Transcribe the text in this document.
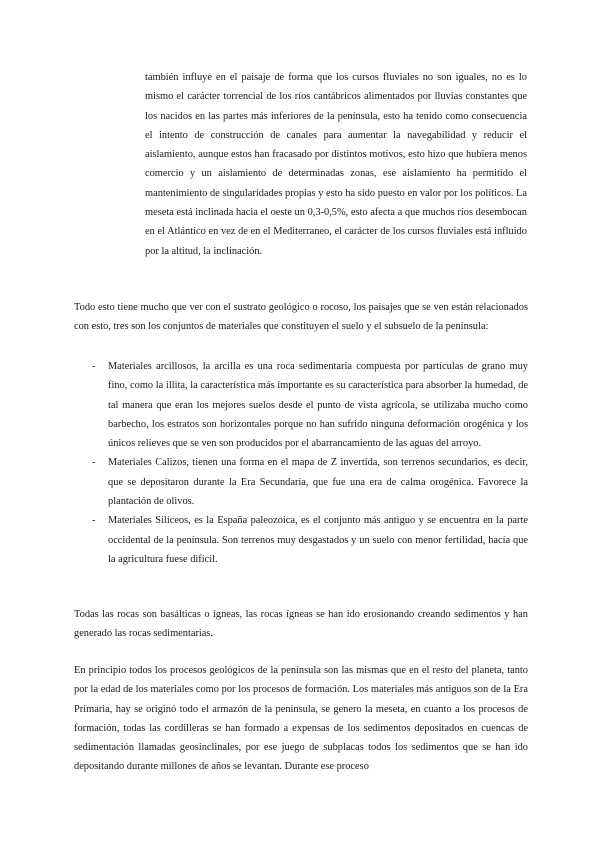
también influye en el paisaje de forma que los cursos fluviales no son iguales, no es lo mismo el carácter torrencial de los ríos cantábricos alimentados por lluvias constantes que los nacidos en las partes más inferiores de la península, esto ha tenido como consecuencia el intento de construcción de canales para aumentar la navegabilidad y reducir el aislamiento, aunque estos han fracasado por distintos motivos, esto hizo que hubiera menos comercio y un aislamiento de determinadas zonas, ese aislamiento ha permitido el mantenimiento de singularidades propias y esto ha sido puesto en valor por los políticos. La meseta está inclinada hacia el oeste un 0,3-0,5%, esto afecta a que muchos ríos desembocan en el Atlántico en vez de en el Mediterraneo, el carácter de los cursos fluviales está influido por la altitud, la inclinación.

Todo esto tiene mucho que ver con el sustrato geológico o rocoso, los paisajes que se ven están relacionados con esto, tres son los conjuntos de materiales que constituyen el suelo y el subsuelo de la península:

- Materiales arcillosos, la arcilla es una roca sedimentaria compuesta por partículas de grano muy fino, como la illita, la característica más importante es su característica para absorber la humedad, de tal manera que eran los mejores suelos desde el punto de vista agrícola, se utilizaba mucho como barbecho, los estratos son horizontales porque no han sufrido ninguna deformación orogénica y los únicos relieves que se ven son producidos por el abarrancamiento de las aguas del arroyo.
- Materiales Calizos, tienen una forma en el mapa de Z invertida, son terrenos secundarios, es decir, que se depositaron durante la Era Secundaria, que fue una era de calma orogénica. Favorece la plantación de olivos.
- Materiales Silíceos, es la España paleozoica, es el conjunto más antiguo y se encuentra en la parte occidental de la península. Son terrenos muy desgastados y un suelo con menor fertilidad, hacía que la agricultura fuese difícil.

Todas las rocas son basálticas o ígneas, las rocas ígneas se han ido erosionando creando sedimentos y han generado las rocas sedimentarias.

En principio todos los procesos geológicos de la península son las mismas que en el resto del planeta, tanto por la edad de los materiales como por los procesos de formación. Los materiales más antiguos son de la Era Primaria, hay se originó todo el armazón de la península, se genero la meseta, en cuanto a los procesos de formación, todas las cordilleras se han formado a expensas de los sedimentos depositados en cuencas de sedimentación llamadas geosinclinales, por ese juego de subplacas todos los sedimentos que se han ido depositando durante millones de años se levantan. Durante ese proceso
